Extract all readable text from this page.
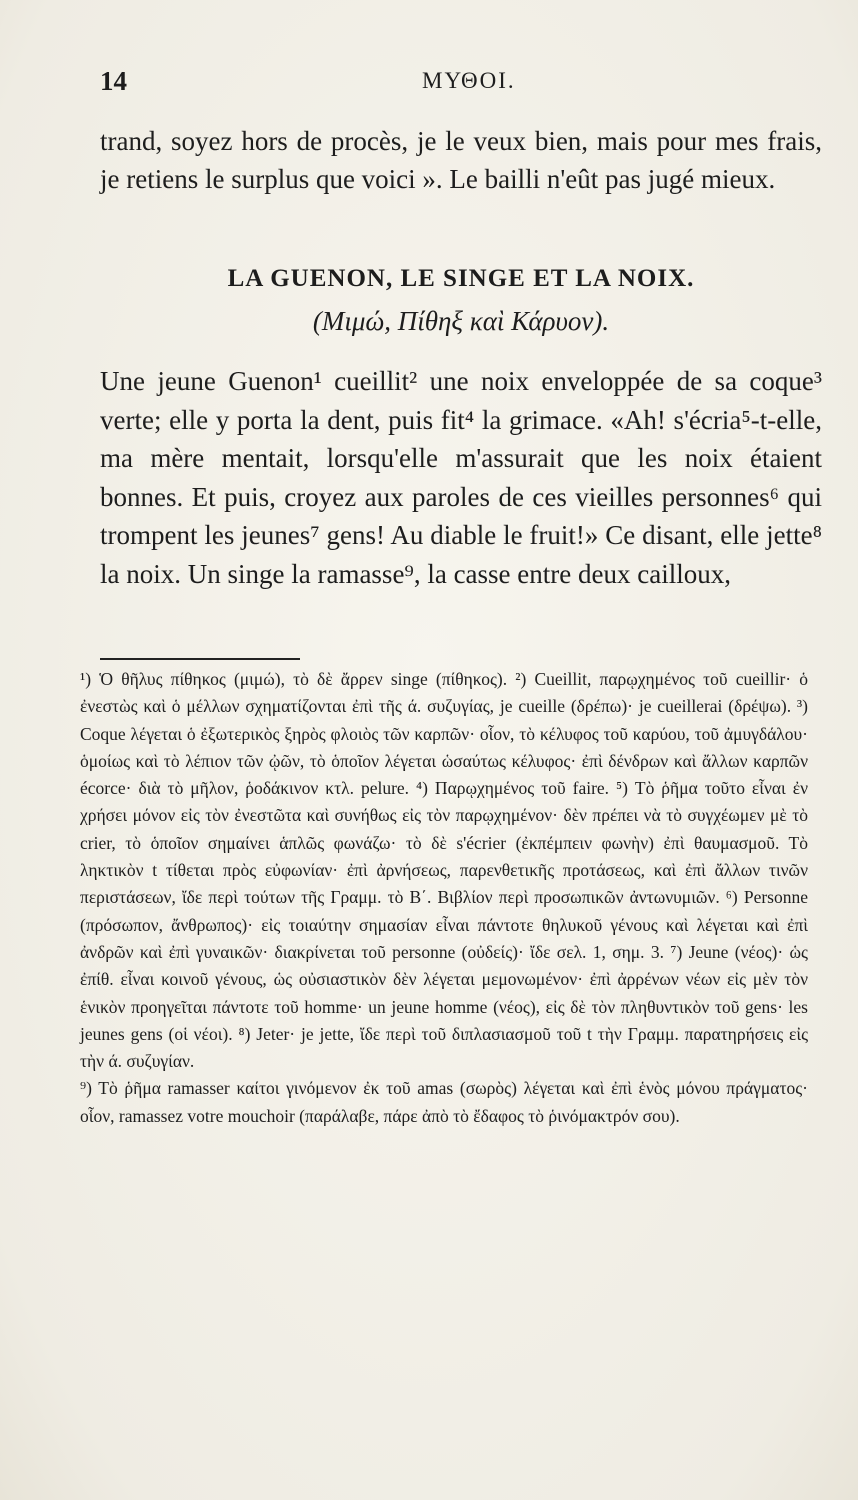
14	ΜΥΘΟΙ.

trand, soyez hors de procès, je le veux bien, mais pour mes frais, je retiens le surplus que voici ». Le bailli n'eût pas jugé mieux.

LA GUENON, LE SINGE ET LA NOIX.

(Μιμώ, Πίθηξ καὶ Κάρυον).

Une jeune Guenon¹ cueillit² une noix enveloppée de sa coque³ verte; elle y porta la dent, puis fit⁴ la grimace. «Ah! s'écria⁵-t-elle, ma mère mentait, lorsqu'elle m'assurait que les noix étaient bonnes. Et puis, croyez aux paroles de ces vieilles personnes⁶ qui trompent les jeunes⁷ gens! Au diable le fruit!» Ce disant, elle jette⁸ la noix. Un singe la ramasse⁹, la casse entre deux cailloux,

¹) Ὁ θῆλυς πίθηκος (μιμώ), τὸ δὲ ἄρρεν singe (πίθηκος). ²) Cueillit, παρῳχημένος τοῦ cueillir· ὁ ἐνεστὼς καὶ ὁ μέλλων σχηματίζονται ἐπὶ τῆς ά. συζυγίας, je cueille (δρέπω)· je cueillerai (δρέψω). ³) Coque λέγεται ὁ ἐξωτερικὸς ξηρὸς φλοιὸς τῶν καρπῶν· οἷον, τὸ κέλυφος τοῦ καρύου, τοῦ ἀμυγδάλου· ὁμοίως καὶ τὸ λέπιον τῶν ᾠῶν, τὸ ὁποῖον λέγεται ὡσαύτως κέλυφος· ἐπὶ δένδρων καὶ ἄλλων καρπῶν écorce· διὰ τὸ μῆλον, ῥοδάκινον κτλ. pelure. ⁴) Παρῳχημένος τοῦ faire. ⁵) Τὸ ῥῆμα τοῦτο εἶναι ἐν χρήσει μόνον εἰς τὸν ἐνεστῶτα καὶ συνήθως εἰς τὸν παρῳχημένον· δὲν πρέπει νὰ τὸ συγχέωμεν μὲ τὸ crier, τὸ ὁποῖον σημαίνει ἁπλῶς φωνάζω· τὸ δὲ s'écrier (ἐκπέμπειν φωνὴν) ἐπὶ θαυμασμοῦ. Τὸ ληκτικὸν t τίθεται πρὸς εὐφωνίαν· ἐπὶ ἀρνήσεως, παρενθετικῆς προτάσεως, καὶ ἐπὶ ἄλλων τινῶν περιστάσεων, ἴδε περὶ τούτων τῆς Γραμμ. τὸ Β΄. Βιβλίον περὶ προσωπικῶν ἀντωνυμιῶν. ⁶) Personne (πρόσωπον, ἄνθρωπος)· εἰς τοιαύτην σημασίαν εἶναι πάντοτε θηλυκοῦ γένους καὶ λέγεται καὶ ἐπὶ ἀνδρῶν καὶ ἐπὶ γυναικῶν· διακρίνεται τοῦ personne (οὐδείς)· ἴδε σελ. 1, σημ. 3. ⁷) Jeune (νέος)· ὡς ἐπίθ. εἶναι κοινοῦ γένους, ὡς οὐσιαστικὸν δὲν λέγεται μεμονωμένον· ἐπὶ ἀρρένων νέων εἰς μὲν τὸν ἑνικὸν προηγεῖται πάντοτε τοῦ homme· un jeune homme (νέος), εἰς δὲ τὸν πληθυντικὸν τοῦ gens· les jeunes gens (οἱ νέοι). ⁸) Jeter· je jette, ἴδε περὶ τοῦ διπλασιασμοῦ τοῦ t τὴν Γραμμ. παρατηρήσεις εἰς τὴν ά. συζυγίαν.

⁹) Τὸ ῥῆμα ramasser καίτοι γινόμενον ἐκ τοῦ amas (σωρὸς) λέγεται καὶ ἐπὶ ἑνὸς μόνου πράγματος· οἷον, ramassez votre mouchoir (παράλαβε, πάρε ἀπὸ τὸ ἔδαφος τὸ ῥινόμακτρόν σου).
